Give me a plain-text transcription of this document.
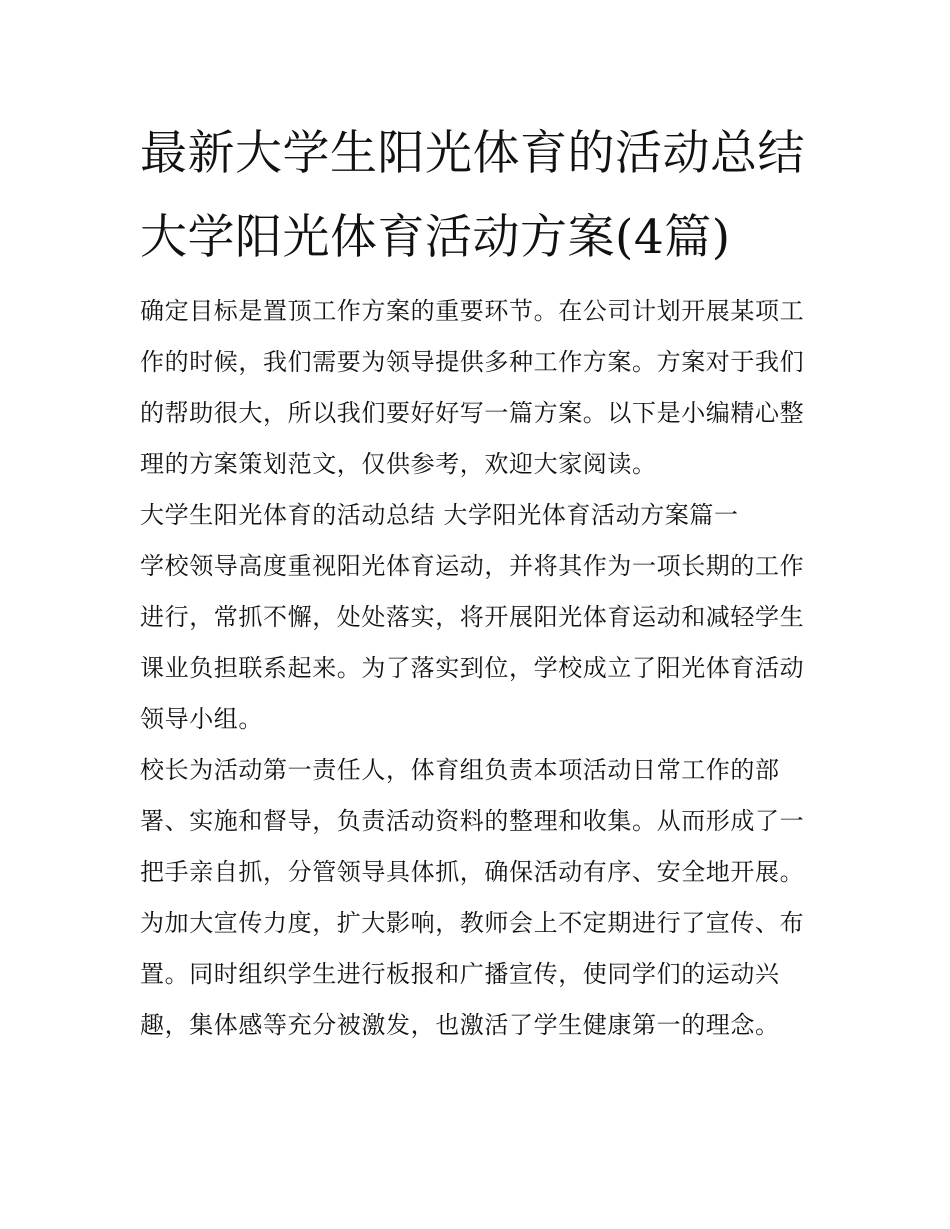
最新大学生阳光体育的活动总结 大学阳光体育活动方案(4篇)

确定目标是置顶工作方案的重要环节。在公司计划开展某项工作的时候，我们需要为领导提供多种工作方案。方案对于我们的帮助很大，所以我们要好好写一篇方案。以下是小编精心整理的方案策划范文，仅供参考，欢迎大家阅读。

大学生阳光体育的活动总结 大学阳光体育活动方案篇一

学校领导高度重视阳光体育运动，并将其作为一项长期的工作进行，常抓不懈，处处落实，将开展阳光体育运动和减轻学生课业负担联系起来。为了落实到位，学校成立了阳光体育活动领导小组。

校长为活动第一责任人，体育组负责本项活动日常工作的部署、实施和督导，负责活动资料的整理和收集。从而形成了一把手亲自抓，分管领导具体抓，确保活动有序、安全地开展。为加大宣传力度，扩大影响，教师会上不定期进行了宣传、布置。同时组织学生进行板报和广播宣传，使同学们的运动兴趣，集体感等充分被激发，也激活了学生健康第一的理念。
